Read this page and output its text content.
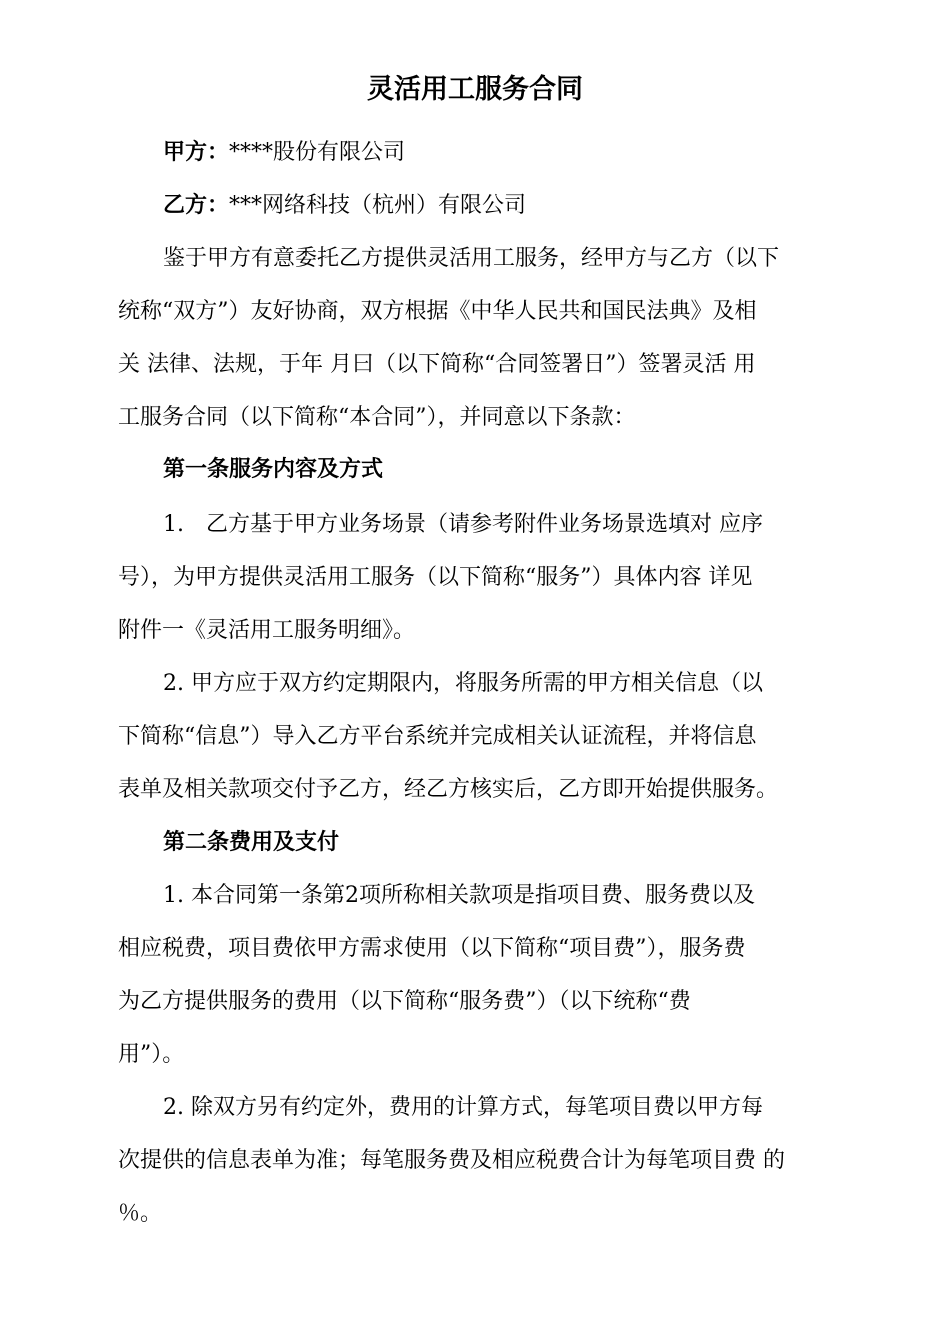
灵活用工服务合同
甲方：****股份有限公司
乙方：***网络科技（杭州）有限公司
鉴于甲方有意委托乙方提供灵活用工服务，经甲方与乙方（以下
统称“双方”）友好协商，双方根据《中华人民共和国民法典》及相
关 法律、法规，于年 月曰（以下简称“合同签署日”）签署灵活 用
工服务合同（以下简称“本合同”），并同意以下条款：
第一条服务内容及方式
1.　乙方基于甲方业务场景（请参考附件业务场景选填对 应序
号），为甲方提供灵活用工服务（以下简称“服务”）具体内容 详见
附件一《灵活用工服务明细》。
2. 甲方应于双方约定期限内，将服务所需的甲方相关信息（以
下简称“信息”）导入乙方平台系统并完成相关认证流程，并将信息
表单及相关款项交付予乙方，经乙方核实后，乙方即开始提供服务。
第二条费用及支付
1. 本合同第一条第2项所称相关款项是指项目费、服务费以及
相应税费，项目费依甲方需求使用（以下简称“项目费”），服务费
为乙方提供服务的费用（以下简称“服务费”）（以下统称“费
用”）。
2. 除双方另有约定外，费用的计算方式，每笔项目费以甲方每
次提供的信息表单为准；每笔服务费及相应税费合计为每笔项目费 的
％。
